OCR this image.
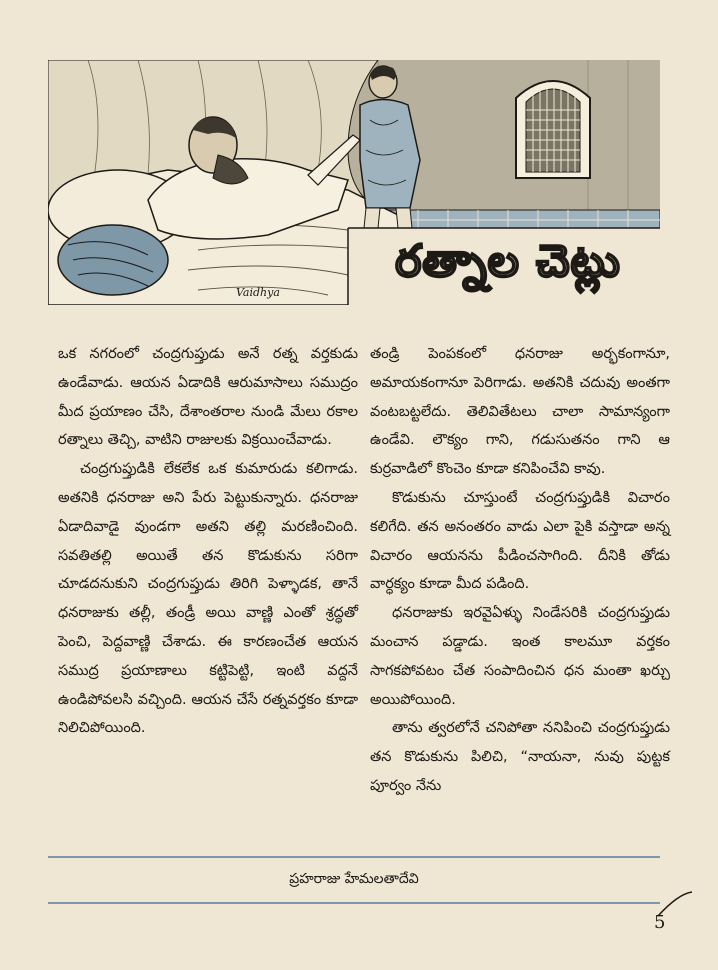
Vaidhya
రత్నాల చెట్లు

ఒక నగరంలో చంద్రగుప్తుడు అనే రత్న వర్తకుడు ఉండేవాడు. ఆయన ఏడాదికి ఆరుమాసాలు సముద్రం మీద ప్రయాణం చేసి, దేశాంతరాల నుండి మేలు రకాల రత్నాలు తెచ్చి, వాటిని రాజులకు విక్రయించేవాడు.

చంద్రగుప్తుడికి లేకలేక ఒక కుమారుడు కలిగాడు. అతనికి ధనరాజు అని పేరు పెట్టుకున్నారు. ధనరాజు ఏడాదివాడై వుండగా అతని తల్లి మరణించింది. సవతితల్లి అయితే తన కొడుకును సరిగా చూడదనుకుని చంద్రగుప్తుడు తిరిగి పెళ్ళాడక, తానే ధనరాజుకు తల్లీ, తండ్రీ అయి వాణ్ణి ఎంతో శ్రద్ధతో పెంచి, పెద్దవాణ్ణి చేశాడు. ఈ కారణంచేత ఆయన సముద్ర ప్రయాణాలు కట్టిపెట్టి, ఇంటి వద్దనే ఉండిపోవలసి వచ్చింది. ఆయన చేసే రత్నవర్తకం కూడా నిలిచిపోయింది.

తండ్రి పెంపకంలో ధనరాజు అర్భకంగానూ, అమాయకంగానూ పెరిగాడు. అతనికి చదువు అంతగా వంటబట్టలేదు. తెలివితేటలు చాలా సామాన్యంగా ఉండేవి. లౌక్యం గాని, గడుసుతనం గాని ఆ కుర్రవాడిలో కొంచెం కూడా కనిపించేవి కావు.

కొడుకును చూస్తుంటే చంద్రగుప్తుడికి విచారం కలిగేది. తన అనంతరం వాడు ఎలా పైకి వస్తాడా అన్న విచారం ఆయనను పీడించసాగింది. దీనికి తోడు వార్ధక్యం కూడా మీద పడింది.

ధనరాజుకు ఇరవైఏళ్ళు నిండేసరికి చంద్రగుప్తుడు మంచాన పడ్డాడు. ఇంత కాలమూ వర్తకం సాగకపోవటం చేత సంపాదించిన ధన మంతా ఖర్చు అయిపోయింది.

తాను త్వరలోనే చనిపోతా ననిపించి చంద్రగుప్తుడు తన కొడుకును పిలిచి, “నాయనా, నువు పుట్టక పూర్వం నేను

ప్రహరాజు హేమలతాదేవి
5
